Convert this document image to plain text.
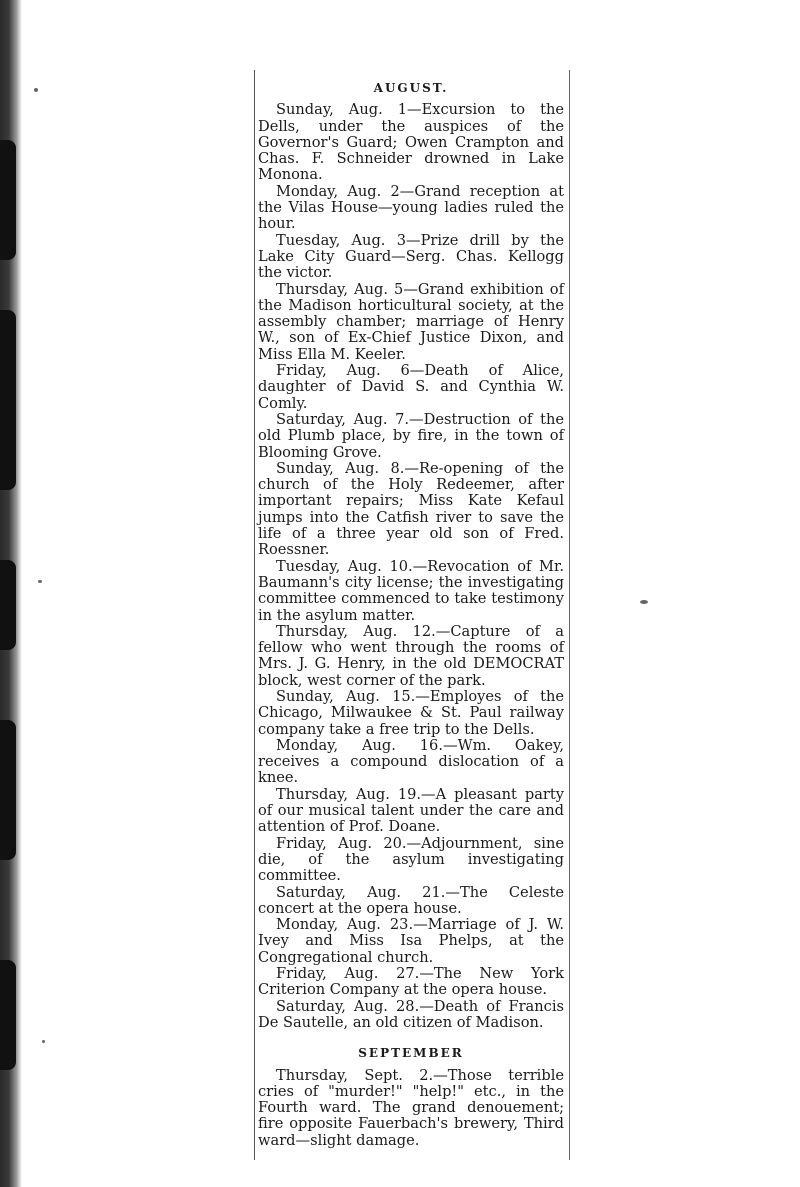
AUGUST.

Sunday, Aug. 1—Excursion to the Dells, under the auspices of the Governor's Guard; Owen Crampton and Chas. F. Schneider drowned in Lake Monona.

Monday, Aug. 2—Grand reception at the Vilas House—young ladies ruled the hour.

Tuesday, Aug. 3—Prize drill by the Lake City Guard—Serg. Chas. Kellogg the victor.

Thursday, Aug. 5—Grand exhibition of the Madison horticultural society, at the assembly chamber; marriage of Henry W., son of Ex-Chief Justice Dixon, and Miss Ella M. Keeler.

Friday, Aug. 6—Death of Alice, daughter of David S. and Cynthia W. Comly.

Saturday, Aug. 7.—Destruction of the old Plumb place, by fire, in the town of Blooming Grove.

Sunday, Aug. 8.—Re-opening of the church of the Holy Redeemer, after important repairs; Miss Kate Kefaul jumps into the Catfish river to save the life of a three year old son of Fred. Roessner.

Tuesday, Aug. 10.—Revocation of Mr. Baumann's city license; the investigating committee commenced to take testimony in the asylum matter.

Thursday, Aug. 12.—Capture of a fellow who went through the rooms of Mrs. J. G. Henry, in the old DEMOCRAT block, west corner of the park.

Sunday, Aug. 15.—Employes of the Chicago, Milwaukee & St. Paul railway company take a free trip to the Dells.

Monday, Aug. 16.—Wm. Oakey, receives a compound dislocation of a knee.

Thursday, Aug. 19.—A pleasant party of our musical talent under the care and attention of Prof. Doane.

Friday, Aug. 20.—Adjournment, sine die, of the asylum investigating committee.

Saturday, Aug. 21.—The Celeste concert at the opera house.

Monday, Aug. 23.—Marriage of J. W. Ivey and Miss Isa Phelps, at the Congregational church.

Friday, Aug. 27.—The New York Criterion Company at the opera house.

Saturday, Aug. 28.—Death of Francis De Sautelle, an old citizen of Madison.

SEPTEMBER

Thursday, Sept. 2.—Those terrible cries of "murder!" "help!" etc., in the Fourth ward. The grand denouement; fire opposite Fauerbach's brewery, Third ward—slight damage.
